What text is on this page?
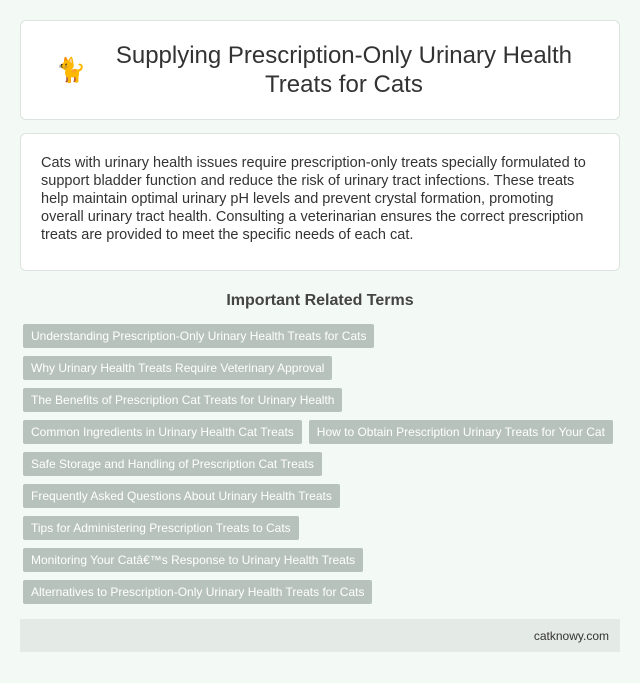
🐈
Supplying Prescription-Only Urinary Health Treats for Cats

Cats with urinary health issues require prescription-only treats specially formulated to support bladder function and reduce the risk of urinary tract infections. These treats help maintain optimal urinary pH levels and prevent crystal formation, promoting overall urinary tract health. Consulting a veterinarian ensures the correct prescription treats are provided to meet the specific needs of each cat.

Important Related Terms
Understanding Prescription-Only Urinary Health Treats for Cats
Why Urinary Health Treats Require Veterinary Approval
The Benefits of Prescription Cat Treats for Urinary Health
Common Ingredients in Urinary Health Cat Treats	How to Obtain Prescription Urinary Treats for Your Cat
Safe Storage and Handling of Prescription Cat Treats
Frequently Asked Questions About Urinary Health Treats
Tips for Administering Prescription Treats to Cats
Monitoring Your Catâ€™s Response to Urinary Health Treats
Alternatives to Prescription-Only Urinary Health Treats for Cats
catknowy.com
